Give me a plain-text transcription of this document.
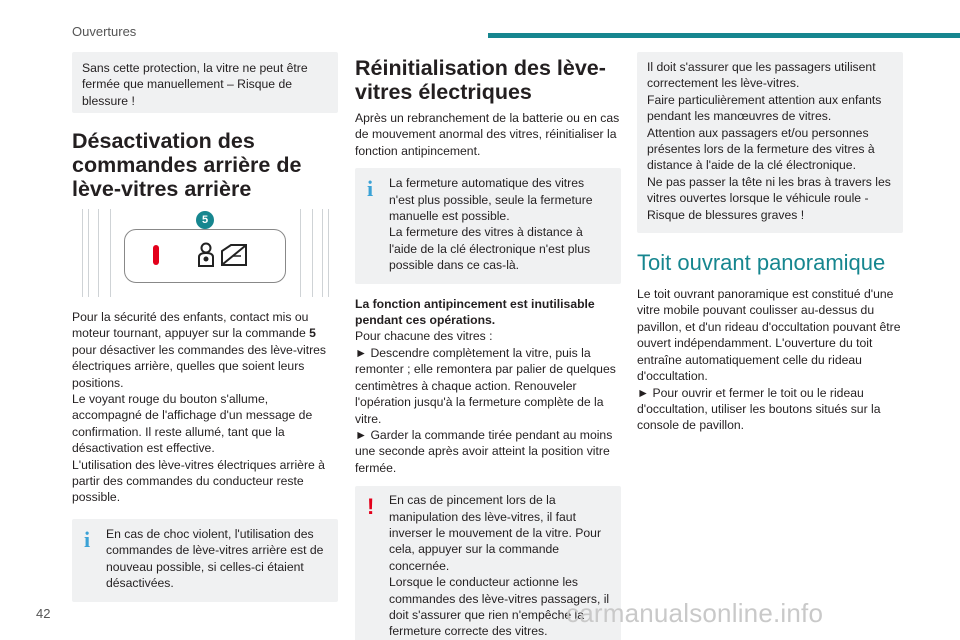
Ouvertures

Sans cette protection, la vitre ne peut être fermée que manuellement – Risque de blessure !

Désactivation des commandes arrière de lève-vitres arrière
5

Pour la sécurité des enfants, contact mis ou moteur tournant, appuyer sur la commande 5 pour désactiver les commandes des lève-vitres électriques arrière, quelles que soient leurs positions.

Le voyant rouge du bouton s'allume, accompagné de l'affichage d'un message de confirmation. Il reste allumé, tant que la désactivation est effective.

L'utilisation des lève-vitres électriques arrière à partir des commandes du conducteur reste possible.

i En cas de choc violent, l'utilisation des commandes de lève-vitres arrière est de nouveau possible, si celles-ci étaient désactivées.

Réinitialisation des lève-vitres électriques

Après un rebranchement de la batterie ou en cas de mouvement anormal des vitres, réinitialiser la fonction antipincement.

i La fermeture automatique des vitres n'est plus possible, seule la fermeture manuelle est possible.

La fermeture des vitres à distance à l'aide de la clé électronique n'est plus possible dans ce cas-là.

La fonction antipincement est inutilisable pendant ces opérations.

Pour chacune des vitres :

► Descendre complètement la vitre, puis la remonter ; elle remontera par palier de quelques centimètres à chaque action. Renouveler l'opération jusqu'à la fermeture complète de la vitre.

► Garder la commande tirée pendant au moins une seconde après avoir atteint la position vitre fermée.

! En cas de pincement lors de la manipulation des lève-vitres, il faut inverser le mouvement de la vitre. Pour cela, appuyer sur la commande concernée.

Lorsque le conducteur actionne les commandes des lève-vitres passagers, il doit s'assurer que rien n'empêche la fermeture correcte des vitres.

Il doit s'assurer que les passagers utilisent correctement les lève-vitres.

Faire particulièrement attention aux enfants pendant les manœuvres de vitres.

Attention aux passagers et/ou personnes présentes lors de la fermeture des vitres à distance à l'aide de la clé électronique.

Ne pas passer la tête ni les bras à travers les vitres ouvertes lorsque le véhicule roule - Risque de blessures graves !

Toit ouvrant panoramique

Le toit ouvrant panoramique est constitué d'une vitre mobile pouvant coulisser au-dessus du pavillon, et d'un rideau d'occultation pouvant être ouvert indépendamment. L'ouverture du toit entraîne automatiquement celle du rideau d'occultation.

► Pour ouvrir et fermer le toit ou le rideau d'occultation, utiliser les boutons situés sur la console de pavillon.

42	carmanualsonline.info
